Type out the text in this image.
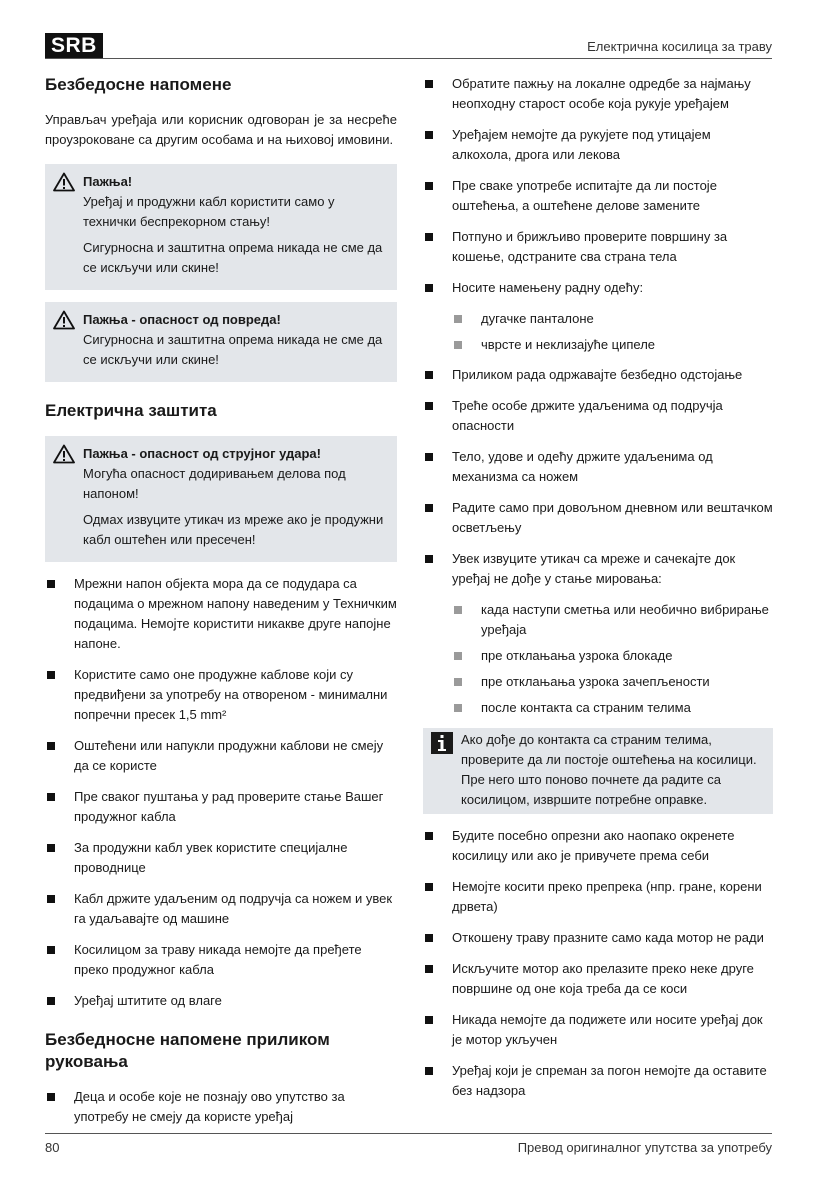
SRB	Електрична косилица за траву
Безбедосне напомене

Управљач уређаја или корисник одговоран је за несреће проузроковане са другим особама и на њиховој имовини.

Пажња!

Уређај и продужни кабл користити само у технички беспрекорном стању!

Сигурносна и заштитна опрема никада не сме да се искључи или скине!

Пажња - опасност од повреда!

Сигурносна и заштитна опрема никада не сме да се искључи или скине!

Електрична заштита
Пажња - опасност од струјног удара!

Могућа опасност додиривањем делова под напоном!

Одмах извуците утикач из мреже ако је продужни кабл оштећен или пресечен!

Мрежни напон објекта мора да се подудара са подацима о мрежном напону наведеним у Техничким подацима. Немојте користити никакве друге напојне напоне.
Користите само оне продужне каблове који су предвиђени за употребу на отвореном - минимални попречни пресек 1,5 mm²
Оштећени или напукли продужни каблови не смеју да се користе
Пре сваког пуштања у рад проверите стање Вашег продужног кабла
За продужни кабл увек користите специјалне проводнице
Кабл држите удаљеним од подручја са ножем и увек га удаљавајте од машине
Косилицом за траву никада немојте да пређете преко продужног кабла
Уређај штитите од влаге
Безбедносне напомене приликом руковања
Деца и особе које не познају ово упутство за употребу не смеју да користе уређај
Обратите пажњу на локалне одредбе за најмању неопходну старост особе која рукује уређајем
Уређајем немојте да рукујете под утицајем алкохола, дрога или лекова
Пре сваке употребе испитајте да ли постоје оштећења, а оштећене делове замените
Потпуно и брижљиво проверите површину за кошење, одстраните сва страна тела
Носите намењену радну одећу:
дугачке панталоне
чврсте и неклизајуће ципеле
Приликом рада одржавајте безбедно одстојање
Треће особе држите удаљенима од подручја опасности
Тело, удове и одећу држите удаљенима од механизма са ножем
Радите само при довољном дневном или вештачком осветљењу
Увек извуците утикач са мреже и сачекајте док уређај не дође у стање мировања:
када наступи сметња или необично вибрирање уређаја
пре отклањања узрока блокаде
пре отклањања узрока зачепљености
после контакта са страним телима

Ако дође до контакта са страним телима, проверите да ли постоје оштећења на косилици. Пре него што поново почнете да радите са косилицом, извршите потребне оправке.

Будите посебно опрезни ако наопако окренете косилицу или ако је привучете према себи
Немојте косити преко препрека (нпр. гране, корени дрвета)
Откошену траву празните само када мотор не ради
Искључите мотор ако прелазите преко неке друге површине од оне која треба да се коси
Никада немојте да подижете или носите уређај док је мотор укључен
Уређај који је спреман за погон немојте да оставите без надзора
80	Превод оригиналног упутства за употребу
